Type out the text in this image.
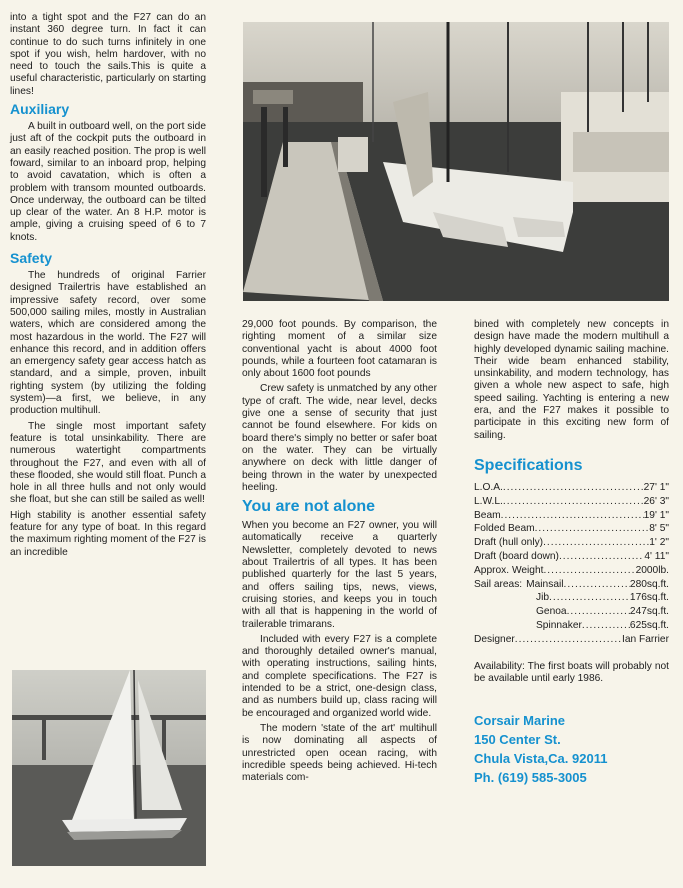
into a tight spot and the F27 can do an instant 360 degree turn. In fact it can continue to do such turns infinitely in one spot if you wish, helm hardover, with no need to touch the sails.This is quite a useful characteristic, particularly on starting lines!

Auxiliary

A built in outboard well, on the port side just aft of the cockpit puts the outboard in an easily reached position. The prop is well foward, similar to an inboard prop, helping to avoid cavatation, which is often a problem with transom mounted outboards. Once underway, the outboard can be tilted up clear of the water. An 8 H.P. motor is ample, giving a cruising speed of 6 to 7 knots.

Safety

The hundreds of original Farrier designed Trailertris have established an impressive safety record, over some 500,000 sailing miles, mostly in Australian waters, which are considered among the most hazardous in the world. The F27 will enhance this record, and in addition offers an emergency safety gear access hatch as standard, and a simple, proven, inbuilt righting system (by utilizing the folding system)—a first, we believe, in any production multihull.

The single most important safety feature is total unsinkability. There are numerous watertight compartments throughout the F27, and even with all of these flooded, she would still float. Punch a hole in all three hulls and not only would she float, but she can still be sailed as well!

High stability is another essential safety feature for any type of boat. In this regard the maximum righting moment of the F27 is an incredible

29,000 foot pounds. By comparison, the righting moment of a similar size conventional yacht is about 4000 foot pounds, while a fourteen foot catamaran is only about 1600 foot pounds

Crew safety is unmatched by any other type of craft. The wide, near level, decks give one a sense of security that just cannot be found elsewhere. For kids on board there's simply no better or safer boat on the water. They can be virtually anywhere on deck with little danger of being thrown in the water by unexpected heeling.

You are not alone

When you become an F27 owner, you will automatically receive a quarterly Newsletter, completely devoted to news about Trailertris of all types. It has been published quarterly for the last 5 years, and offers sailing tips, news, views, cruising stories, and keeps you in touch with all that is happening in the world of trailerable trimarans.

Included with every F27 is a complete and thoroughly detailed owner's manual, with operating instructions, sailing hints, and complete specifications. The F27 is intended to be a strict, one-design class, and as numbers build up, class racing will be encouraged and organized world wide.

The modern 'state of the art' multihull is now dominating all aspects of unrestricted open ocean racing, with incredible speeds being achieved. Hi-tech materials com-

bined with completely new concepts in design have made the modern multihull a highly developed dynamic sailing machine. Their wide beam enhanced stability, unsinkability, and modern technology, has given a whole new aspect to safe, high speed sailing. Yachting is entering a new era, and the F27 makes it possible to participate in this exciting new form of sailing.

Specifications
L.O.A. .....	27' 1"
L.W.L. .....	26' 3"
Beam .....	19' 1"
Folded Beam .....	8' 5"
Draft (hull only) .....	1' 2"
Draft (board down) .....	4' 11"
Approx. Weight .....	2000lb.
Sail areas: Mainsail .....	280sq.ft.
Jib .....	176sq.ft.
Genoa .....	247sq.ft.
Spinnaker .....	625sq.ft.
Designer .....	Ian Farrier

Availability: The first boats will probably not be available until early 1986.

Corsair Marine
150 Center St.
Chula Vista,Ca. 92011
Ph. (619) 585-3005
